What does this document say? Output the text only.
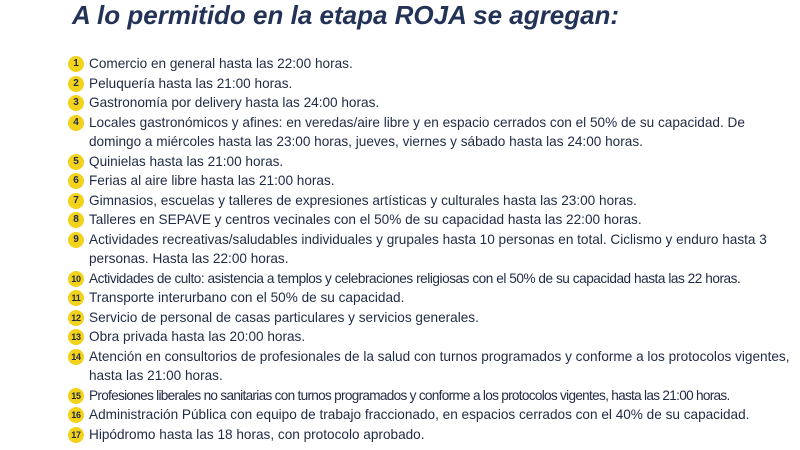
A lo permitido en la etapa ROJA se agregan:
1 Comercio en general hasta las 22:00 horas.
2 Peluquería hasta las 21:00 horas.
3 Gastronomía por delivery hasta las 24:00 horas.
4 Locales gastronómicos y afines: en veredas/aire libre y en espacio cerrados con el 50% de su capacidad. De domingo a miércoles hasta las 23:00 horas, jueves, viernes y sábado hasta las 24:00 horas.
5 Quinielas hasta las 21:00 horas.
6 Ferias al aire libre hasta las 21:00 horas.
7 Gimnasios, escuelas y talleres de expresiones artísticas y culturales hasta las 23:00 horas.
8 Talleres en SEPAVE y centros vecinales con el 50% de su capacidad hasta las 22:00 horas.
9 Actividades recreativas/saludables individuales y grupales hasta 10 personas en total. Ciclismo y enduro hasta 3 personas. Hasta las 22:00 horas.
10 Actividades de culto: asistencia a templos y celebraciones religiosas con el 50% de su capacidad hasta las 22 horas.
11 Transporte interurbano con el 50% de su capacidad.
12 Servicio de personal de casas particulares y servicios generales.
13 Obra privada hasta las 20:00 horas.
14 Atención en consultorios de profesionales de la salud con turnos programados y conforme a los protocolos vigentes, hasta las 21:00 horas.
15 Profesiones liberales no sanitarias con turnos programados y conforme a los protocolos vigentes, hasta las 21:00 horas.
16 Administración Pública con equipo de trabajo fraccionado, en espacios cerrados con el 40% de su capacidad.
17 Hipódromo hasta las 18 horas, con protocolo aprobado.
